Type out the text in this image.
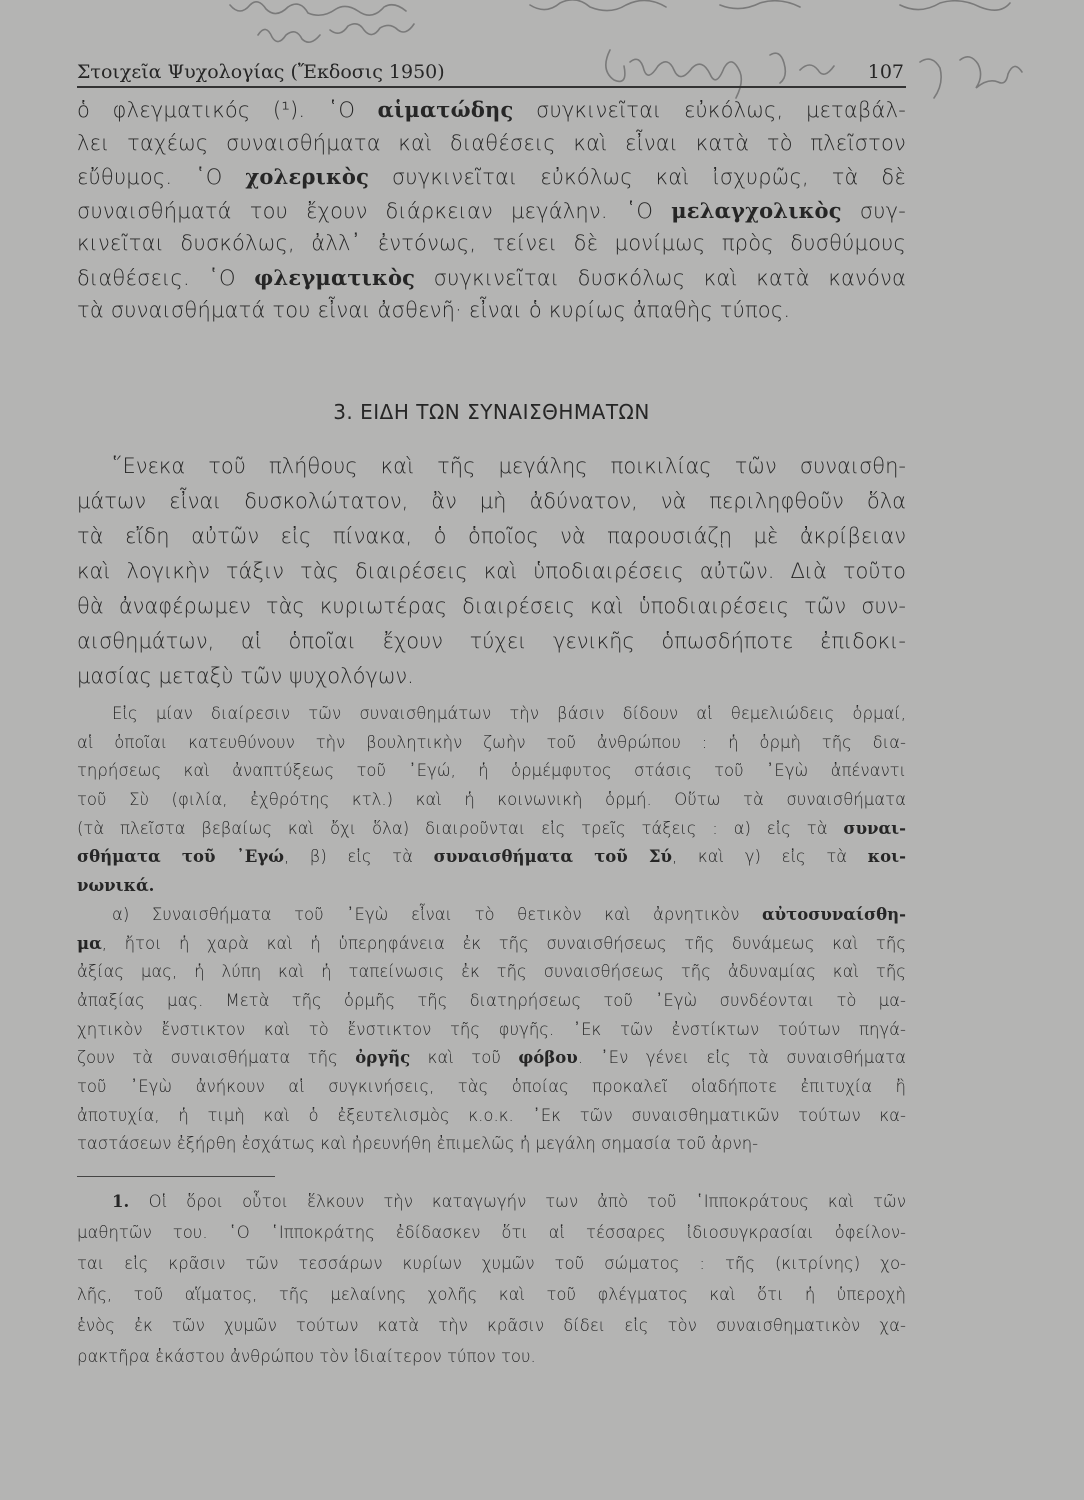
Στοιχεῖα Ψυχολογίας (Ἔκδοσις 1950)	107
ὁ φλεγματικός (¹). ῾Ο αἱματώδης συγκινεῖται εὐκόλως, μεταβάλ-
λει ταχέως συναισθήματα καὶ διαθέσεις καὶ εἶναι κατὰ τὸ πλεῖστον
εὔθυμος. ῾Ο χολερικὸς συγκινεῖται εὐκόλως καὶ ἰσχυρῶς, τὰ δὲ
συναισθήματά του ἔχουν διάρκειαν μεγάλην. ῾Ο μελαγχολικὸς συγ-
κινεῖται δυσκόλως, ἀλλ᾽ ἐντόνως, τείνει δὲ μονίμως πρὸς δυσθύμους
διαθέσεις. ῾Ο φλεγματικὸς συγκινεῖται δυσκόλως καὶ κατὰ κανόνα
τὰ συναισθήματά του εἶναι ἀσθενῆ· εἶναι ὁ κυρίως ἀπαθὴς τύπος.
3. ΕΙΔΗ ΤΩΝ ΣΥΝΑΙΣΘΗΜΑΤΩΝ
῞Ενεκα τοῦ πλήθους καὶ τῆς μεγάλης ποικιλίας τῶν συναισθη-
μάτων εἶναι δυσκολώτατον, ἂν μὴ ἀδύνατον, νὰ περιληφθοῦν ὅλα
τὰ εἴδη αὐτῶν εἰς πίνακα, ὁ ὁποῖος νὰ παρουσιάζῃ μὲ ἀκρίβειαν
καὶ λογικὴν τάξιν τὰς διαιρέσεις καὶ ὑποδιαιρέσεις αὐτῶν. Διὰ τοῦτο
θὰ ἀναφέρωμεν τὰς κυριωτέρας διαιρέσεις καὶ ὑποδιαιρέσεις τῶν συν-
αισθημάτων, αἱ ὁποῖαι ἔχουν τύχει γενικῆς ὁπωσδήποτε ἐπιδοκι-
μασίας μεταξὺ τῶν ψυχολόγων.
Εἰς μίαν διαίρεσιν τῶν συναισθημάτων τὴν βάσιν δίδουν αἱ θεμελιώδεις ὁρμαί,
αἱ ὁποῖαι κατευθύνουν τὴν βουλητικὴν ζωὴν τοῦ ἀνθρώπου : ἡ ὁρμὴ τῆς δια-
τηρήσεως καὶ ἀναπτύξεως τοῦ ᾿Εγώ, ἡ ὁρμέμφυτος στάσις τοῦ ᾿Εγὼ ἀπέναντι
τοῦ Σὺ (φιλία, ἐχθρότης κτλ.) καὶ ἡ κοινωνικὴ ὁρμή. Οὕτω τὰ συναισθήματα
(τὰ πλεῖστα βεβαίως καὶ ὄχι ὅλα) διαιροῦνται εἰς τρεῖς τάξεις : α) εἰς τὰ συναι-
σθήματα τοῦ ᾿Εγώ, β) εἰς τὰ συναισθήματα τοῦ Σύ, καὶ γ) εἰς τὰ κοι-
νωνικά.
α) Συναισθήματα τοῦ ᾿Εγὼ εἶναι τὸ θετικὸν καὶ ἀρνητικὸν αὐτοσυναίσθη-
μα, ἤτοι ἡ χαρὰ καὶ ἡ ὑπερηφάνεια ἐκ τῆς συναισθήσεως τῆς δυνάμεως καὶ τῆς
ἀξίας μας, ἡ λύπη καὶ ἡ ταπείνωσις ἐκ τῆς συναισθήσεως τῆς ἀδυναμίας καὶ τῆς
ἀπαξίας μας. Μετὰ τῆς ὁρμῆς τῆς διατηρήσεως τοῦ ᾿Εγὼ συνδέονται τὸ μα-
χητικὸν ἔνστικτον καὶ τὸ ἔνστικτον τῆς φυγῆς. ᾿Εκ τῶν ἐνστίκτων τούτων πηγά-
ζουν τὰ συναισθήματα τῆς ὀργῆς καὶ τοῦ φόβου. ᾿Εν γένει εἰς τὰ συναισθήματα
τοῦ ᾿Εγὼ ἀνήκουν αἱ συγκινήσεις, τὰς ὁποίας προκαλεῖ οἱαδήποτε ἐπιτυχία ἢ
ἀποτυχία, ἡ τιμὴ καὶ ὁ ἐξευτελισμὸς κ.ο.κ. ᾿Εκ τῶν συναισθηματικῶν τούτων κα-
ταστάσεων ἐξήρθη ἐσχάτως καὶ ἠρευνήθη ἐπιμελῶς ἡ μεγάλη σημασία τοῦ ἀρνη-
1. Οἱ ὅροι οὗτοι ἕλκουν τὴν καταγωγήν των ἀπὸ τοῦ ῾Ιπποκράτους καὶ τῶν
μαθητῶν του. ῾Ο ῾Ιπποκράτης ἐδίδασκεν ὅτι αἱ τέσσαρες ἰδιοσυγκρασίαι ὀφείλον-
ται εἰς κρᾶσιν τῶν τεσσάρων κυρίων χυμῶν τοῦ σώματος : τῆς (κιτρίνης) χο-
λῆς, τοῦ αἵματος, τῆς μελαίνης χολῆς καὶ τοῦ φλέγματος καὶ ὅτι ἡ ὑπεροχὴ
ἑνὸς ἐκ τῶν χυμῶν τούτων κατὰ τὴν κρᾶσιν δίδει εἰς τὸν συναισθηματικὸν χα-
ρακτῆρα ἑκάστου ἀνθρώπου τὸν ἰδιαίτερον τύπον του.
